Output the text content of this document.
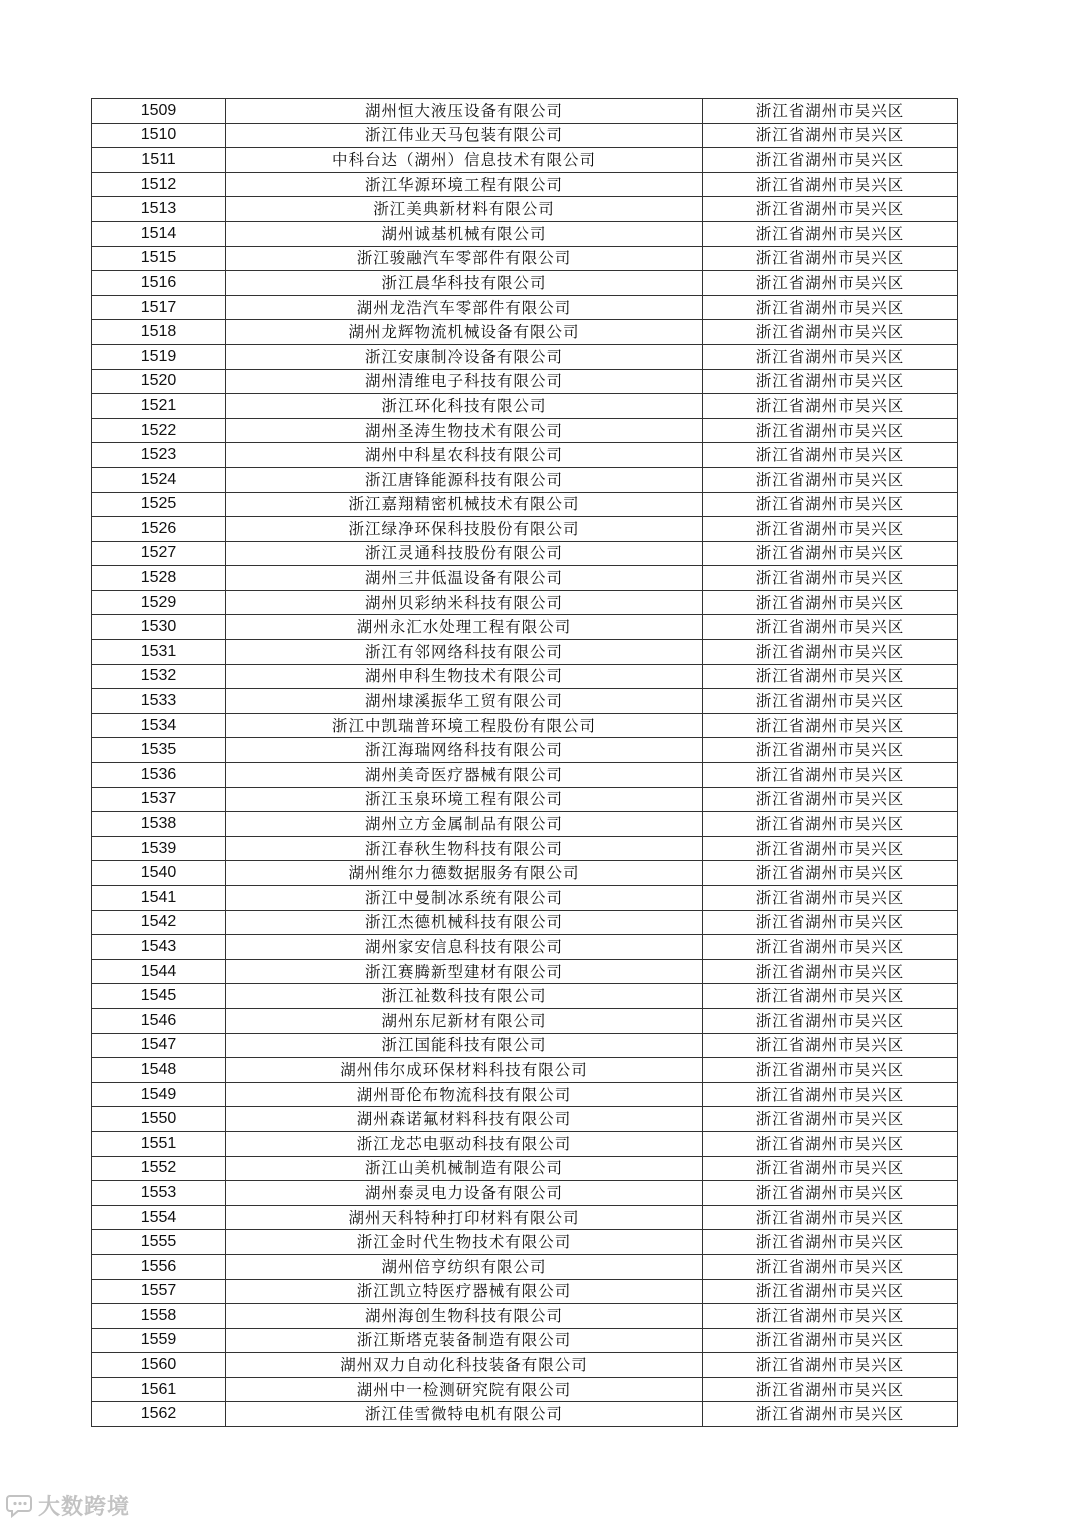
1509	湖州恒大液压设备有限公司	浙江省湖州市吴兴区
1510	浙江伟业天马包装有限公司	浙江省湖州市吴兴区
1511	中科台达（湖州）信息技术有限公司	浙江省湖州市吴兴区
1512	浙江华源环境工程有限公司	浙江省湖州市吴兴区
1513	浙江美典新材料有限公司	浙江省湖州市吴兴区
1514	湖州诚基机械有限公司	浙江省湖州市吴兴区
1515	浙江骏融汽车零部件有限公司	浙江省湖州市吴兴区
1516	浙江晨华科技有限公司	浙江省湖州市吴兴区
1517	湖州龙浩汽车零部件有限公司	浙江省湖州市吴兴区
1518	湖州龙辉物流机械设备有限公司	浙江省湖州市吴兴区
1519	浙江安康制冷设备有限公司	浙江省湖州市吴兴区
1520	湖州清维电子科技有限公司	浙江省湖州市吴兴区
1521	浙江环化科技有限公司	浙江省湖州市吴兴区
1522	湖州圣涛生物技术有限公司	浙江省湖州市吴兴区
1523	湖州中科星农科技有限公司	浙江省湖州市吴兴区
1524	浙江唐锋能源科技有限公司	浙江省湖州市吴兴区
1525	浙江嘉翔精密机械技术有限公司	浙江省湖州市吴兴区
1526	浙江绿净环保科技股份有限公司	浙江省湖州市吴兴区
1527	浙江灵通科技股份有限公司	浙江省湖州市吴兴区
1528	湖州三井低温设备有限公司	浙江省湖州市吴兴区
1529	湖州贝彩纳米科技有限公司	浙江省湖州市吴兴区
1530	湖州永汇水处理工程有限公司	浙江省湖州市吴兴区
1531	浙江有邻网络科技有限公司	浙江省湖州市吴兴区
1532	湖州申科生物技术有限公司	浙江省湖州市吴兴区
1533	湖州埭溪振华工贸有限公司	浙江省湖州市吴兴区
1534	浙江中凯瑞普环境工程股份有限公司	浙江省湖州市吴兴区
1535	浙江海瑞网络科技有限公司	浙江省湖州市吴兴区
1536	湖州美奇医疗器械有限公司	浙江省湖州市吴兴区
1537	浙江玉泉环境工程有限公司	浙江省湖州市吴兴区
1538	湖州立方金属制品有限公司	浙江省湖州市吴兴区
1539	浙江春秋生物科技有限公司	浙江省湖州市吴兴区
1540	湖州维尔力德数据服务有限公司	浙江省湖州市吴兴区
1541	浙江中曼制冰系统有限公司	浙江省湖州市吴兴区
1542	浙江杰德机械科技有限公司	浙江省湖州市吴兴区
1543	湖州家安信息科技有限公司	浙江省湖州市吴兴区
1544	浙江赛腾新型建材有限公司	浙江省湖州市吴兴区
1545	浙江祉数科技有限公司	浙江省湖州市吴兴区
1546	湖州东尼新材有限公司	浙江省湖州市吴兴区
1547	浙江国能科技有限公司	浙江省湖州市吴兴区
1548	湖州伟尔成环保材料科技有限公司	浙江省湖州市吴兴区
1549	湖州哥伦布物流科技有限公司	浙江省湖州市吴兴区
1550	湖州森诺氟材料科技有限公司	浙江省湖州市吴兴区
1551	浙江龙芯电驱动科技有限公司	浙江省湖州市吴兴区
1552	浙江山美机械制造有限公司	浙江省湖州市吴兴区
1553	湖州泰灵电力设备有限公司	浙江省湖州市吴兴区
1554	湖州天科特种打印材料有限公司	浙江省湖州市吴兴区
1555	浙江金时代生物技术有限公司	浙江省湖州市吴兴区
1556	湖州倍亨纺织有限公司	浙江省湖州市吴兴区
1557	浙江凯立特医疗器械有限公司	浙江省湖州市吴兴区
1558	湖州海创生物科技有限公司	浙江省湖州市吴兴区
1559	浙江斯塔克装备制造有限公司	浙江省湖州市吴兴区
1560	湖州双力自动化科技装备有限公司	浙江省湖州市吴兴区
1561	湖州中一检测研究院有限公司	浙江省湖州市吴兴区
1562	浙江佳雪微特电机有限公司	浙江省湖州市吴兴区
大数跨境
